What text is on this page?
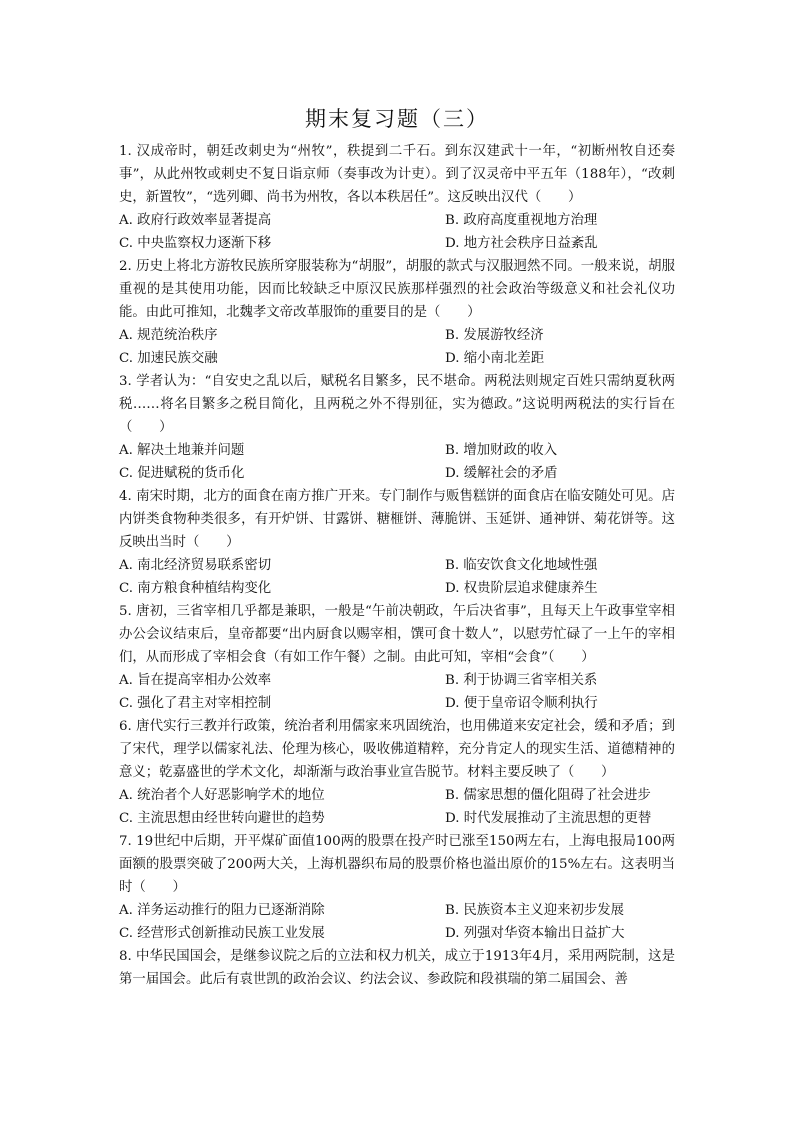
期末复习题（三）

1. 汉成帝时，朝廷改刺史为“州牧”，秩提到二千石。到东汉建武十一年，“初断州牧自还奏事”，从此州牧或刺史不复日诣京师（奏事改为计吏）。到了汉灵帝中平五年（188年），“改刺史，新置牧”，“选列卿、尚书为州牧，各以本秩居任”。这反映出汉代（　　）

A. 政府行政效率显著提高	B. 政府高度重视地方治理
C. 中央监察权力逐渐下移	D. 地方社会秩序日益紊乱

2. 历史上将北方游牧民族所穿服装称为“胡服”，胡服的款式与汉服迥然不同。一般来说，胡服重视的是其使用功能，因而比较缺乏中原汉民族那样强烈的社会政治等级意义和社会礼仪功能。由此可推知，北魏孝文帝改革服饰的重要目的是（　　）

A. 规范统治秩序	B. 发展游牧经济
C. 加速民族交融	D. 缩小南北差距

3. 学者认为：“自安史之乱以后，赋税名目繁多，民不堪命。两税法则规定百姓只需纳夏秋两税……将名目繁多之税目简化，且两税之外不得别征，实为德政。”这说明两税法的实行旨在（　　）

A. 解决土地兼并问题	B. 增加财政的收入
C. 促进赋税的货币化	D. 缓解社会的矛盾

4. 南宋时期，北方的面食在南方推广开来。专门制作与贩售糕饼的面食店在临安随处可见。店内饼类食物种类很多，有开炉饼、甘露饼、糖榧饼、薄脆饼、玉延饼、通神饼、菊花饼等。这反映出当时（　　）

A. 南北经济贸易联系密切	B. 临安饮食文化地域性强
C. 南方粮食种植结构变化	D. 权贵阶层追求健康养生

5. 唐初，三省宰相几乎都是兼职，一般是“午前决朝政，午后决省事”，且每天上午政事堂宰相办公会议结束后，皇帝都要“出内厨食以赐宰相，馔可食十数人”，以慰劳忙碌了一上午的宰相们，从而形成了宰相会食（有如工作午餐）之制。由此可知，宰相“会食”（　　）

A. 旨在提高宰相办公效率	B. 利于协调三省宰相关系
C. 强化了君主对宰相控制	D. 便于皇帝诏令顺利执行

6. 唐代实行三教并行政策，统治者利用儒家来巩固统治，也用佛道来安定社会，缓和矛盾；到了宋代，理学以儒家礼法、伦理为核心，吸收佛道精粹，充分肯定人的现实生活、道德精神的意义；乾嘉盛世的学术文化，却渐渐与政治事业宣告脱节。材料主要反映了（　　）

A. 统治者个人好恶影响学术的地位	B. 儒家思想的僵化阻碍了社会进步
C. 主流思想由经世转向避世的趋势	D. 时代发展推动了主流思想的更替

7. 19世纪中后期，开平煤矿面值100两的股票在投产时已涨至150两左右，上海电报局100两面额的股票突破了200两大关，上海机器织布局的股票价格也溢出原价的15%左右。这表明当时（　　）

A. 洋务运动推行的阻力已逐渐消除	B. 民族资本主义迎来初步发展
C. 经营形式创新推动民族工业发展	D. 列强对华资本输出日益扩大

8. 中华民国国会，是继参议院之后的立法和权力机关，成立于1913年4月，采用两院制，这是第一届国会。此后有袁世凯的政治会议、约法会议、参政院和段祺瑞的第二届国会、善
